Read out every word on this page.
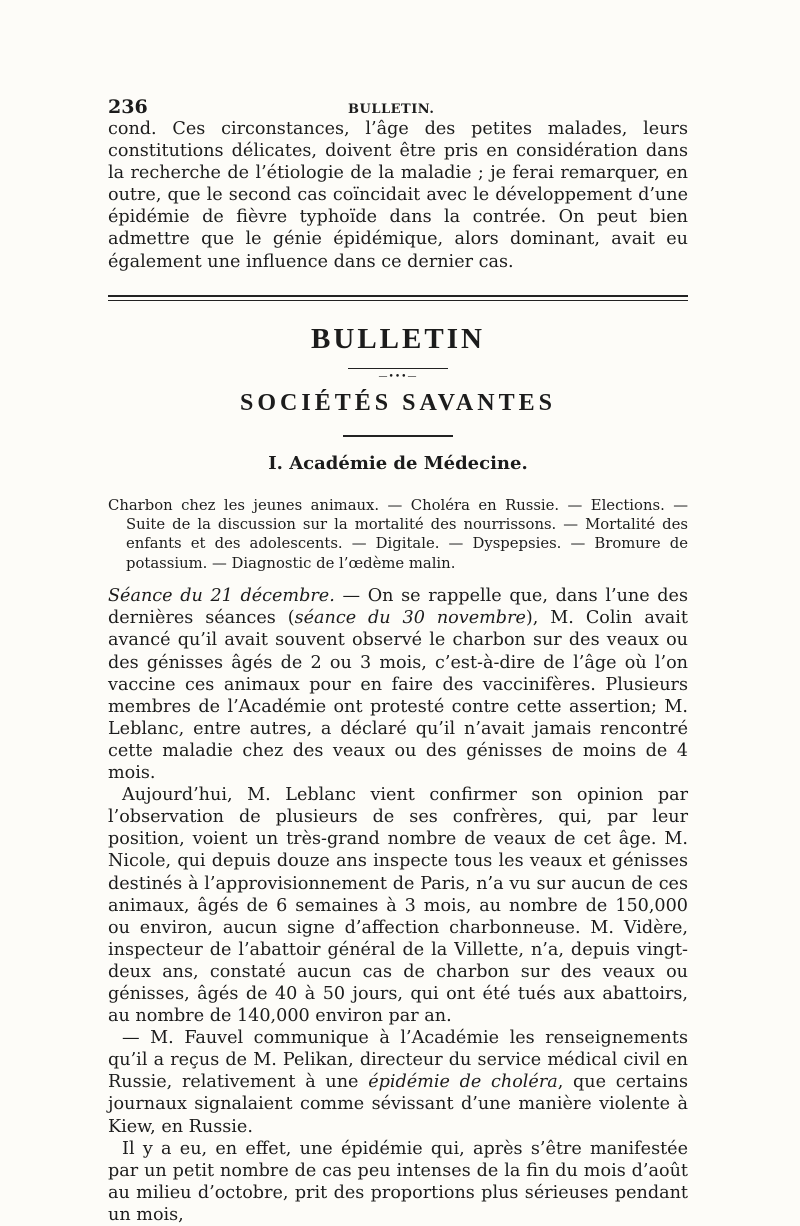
236	BULLETIN.

cond. Ces circonstances, l’âge des petites malades, leurs constitutions délicates, doivent être pris en considération dans la recherche de l’étiologie de la maladie ; je ferai remarquer, en outre, que le second cas coïncidait avec le développement d’une épidémie de fièvre typhoïde dans la contrée. On peut bien admettre que le génie épidémique, alors dominant, avait eu également une influence dans ce dernier cas.

BULLETIN
—•••—
SOCIÉTÉS SAVANTES
I. Académie de Médecine.

Charbon chez les jeunes animaux. — Choléra en Russie. — Elections. — Suite de la discussion sur la mortalité des nourrissons. — Mortalité des enfants et des adolescents. — Digitale. — Dyspepsies. — Bromure de potassium. — Diagnostic de l’œdème malin.

Séance du 21 décembre. — On se rappelle que, dans l’une des dernières séances (séance du 30 novembre), M. Colin avait avancé qu’il avait souvent observé le charbon sur des veaux ou des génisses âgés de 2 ou 3 mois, c’est-à-dire de l’âge où l’on vaccine ces animaux pour en faire des vaccinifères. Plusieurs membres de l’Académie ont protesté contre cette assertion; M. Leblanc, entre autres, a déclaré qu’il n’avait jamais rencontré cette maladie chez des veaux ou des génisses de moins de 4 mois.

Aujourd’hui, M. Leblanc vient confirmer son opinion par l’observation de plusieurs de ses confrères, qui, par leur position, voient un très-grand nombre de veaux de cet âge. M. Nicole, qui depuis douze ans inspecte tous les veaux et génisses destinés à l’approvisionnement de Paris, n’a vu sur aucun de ces animaux, âgés de 6 semaines à 3 mois, au nombre de 150,000 ou environ, aucun signe d’affection charbonneuse. M. Vidère, inspecteur de l’abattoir général de la Villette, n’a, depuis vingt-deux ans, constaté aucun cas de charbon sur des veaux ou génisses, âgés de 40 à 50 jours, qui ont été tués aux abattoirs, au nombre de 140,000 environ par an.

— M. Fauvel communique à l’Académie les renseignements qu’il a reçus de M. Pelikan, directeur du service médical civil en Russie, relativement à une épidémie de choléra, que certains journaux signalaient comme sévissant d’une manière violente à Kiew, en Russie.

Il y a eu, en effet, une épidémie qui, après s’être manifestée par un petit nombre de cas peu intenses de la fin du mois d’août au milieu d’octobre, prit des proportions plus sérieuses pendant un mois,
